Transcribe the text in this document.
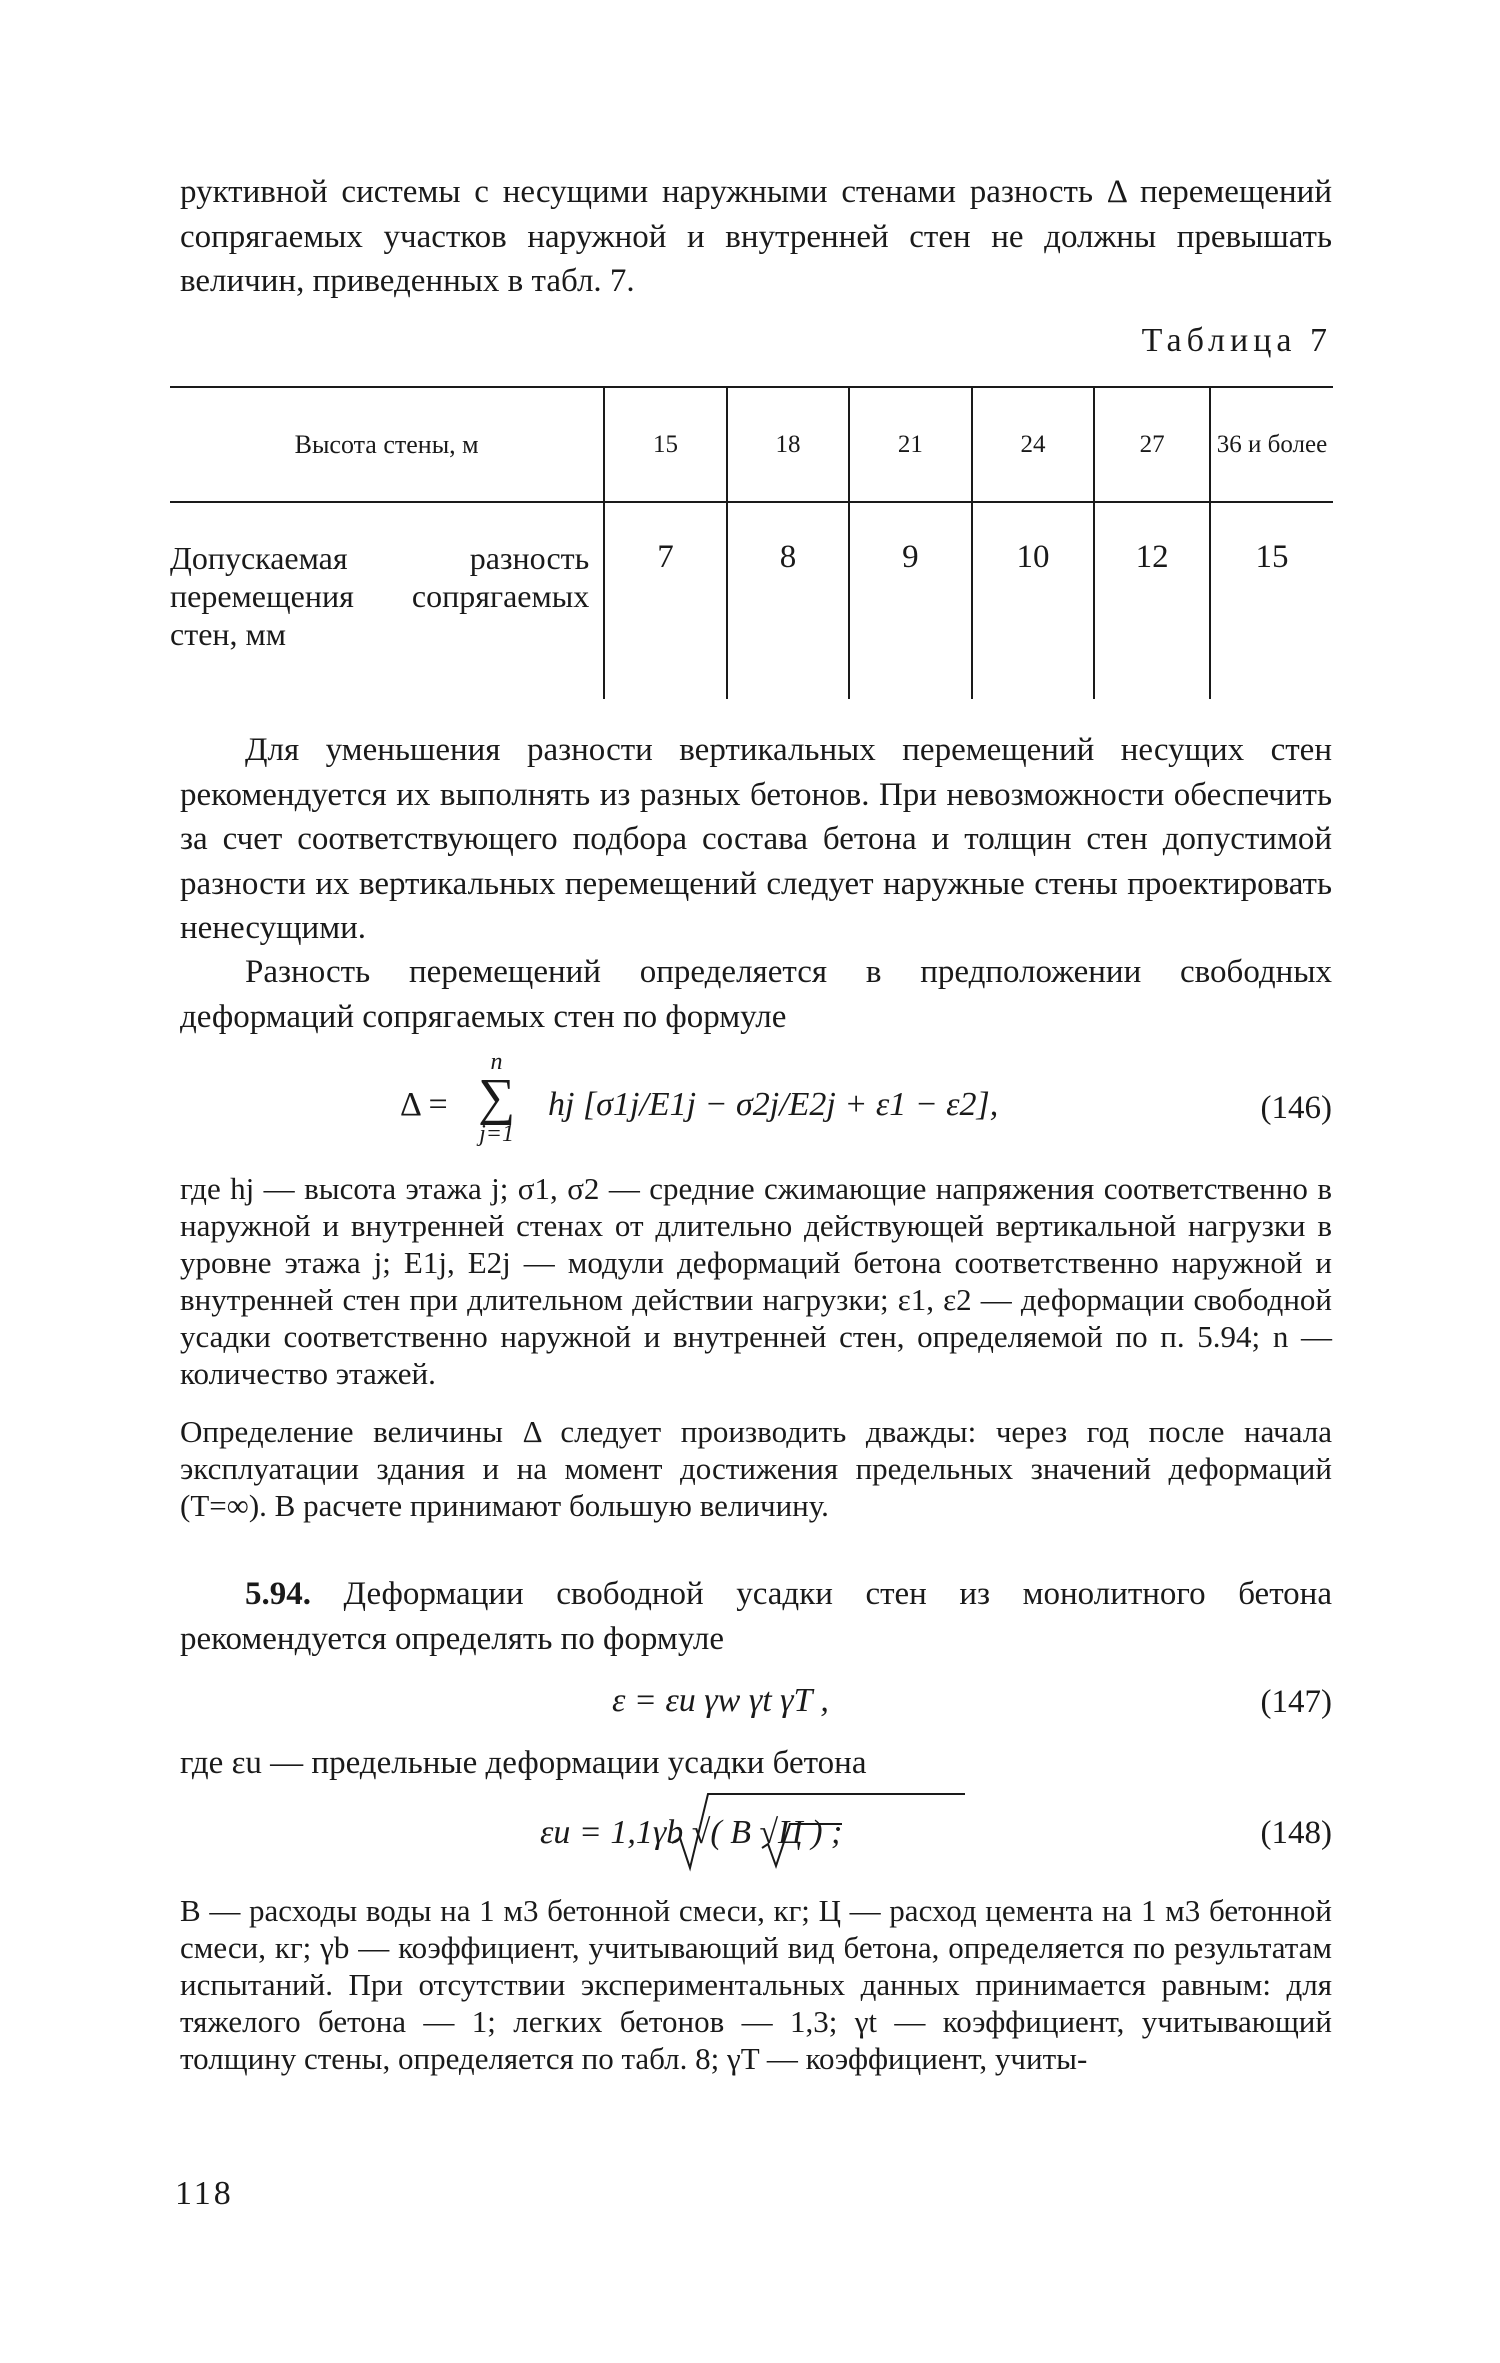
руктивной системы с несущими наружными стенами разность Δ перемещений сопрягаемых участков наружной и внутренней стен не должны превышать величин, приведенных в табл. 7.

Таблица 7

Высота стены, м	15	18	21	24	27	36 и более
Допускаемая разность перемещения сопрягаемых стен, мм	7	8	9	10	12	15

Для уменьшения разности вертикальных перемещений несущих стен рекомендуется их выполнять из разных бетонов. При невозможности обеспечить за счет соответствующего подбора состава бетона и толщин стен допустимой разности их вертикальных перемещений следует наружные стены проектировать ненесущими.

Разность перемещений определяется в предположении свободных деформаций сопрягаемых стен по формуле

Δ =
n
∑
j=1
hj [σ1j/E1j − σ2j/E2j + ε1 − ε2],	(146)

где hj — высота этажа j; σ1, σ2 — средние сжимающие напряжения соответственно в наружной и внутренней стенах от длительно действующей вертикальной нагрузки в уровне этажа j; E1j, E2j — модули деформаций бетона соответственно наружной и внутренней стен при длительном действии нагрузки; ε1, ε2 — деформации свободной усадки соответственно наружной и внутренней стен, определяемой по п. 5.94; n — количество этажей.

Определение величины Δ следует производить дважды: через год после начала эксплуатации здания и на момент достижения предельных значений деформаций (T=∞). В расчете принимают большую величину.

5.94. Деформации свободной усадки стен из монолитного бетона рекомендуется определять по формуле

ε = εu γw γt γT ,	(147)

где εu — предельные деформации усадки бетона

εu = 1,1γb √( В √Ц ) ;	(148)

В — расходы воды на 1 м3 бетонной смеси, кг; Ц — расход цемента на 1 м3 бетонной смеси, кг; γb — коэффициент, учитывающий вид бетона, определяется по результатам испытаний. При отсутствии экспериментальных данных принимается равным: для тяжелого бетона — 1; легких бетонов — 1,3; γt — коэффициент, учитывающий толщину стены, определяется по табл. 8; γT — коэффициент, учиты-

118
